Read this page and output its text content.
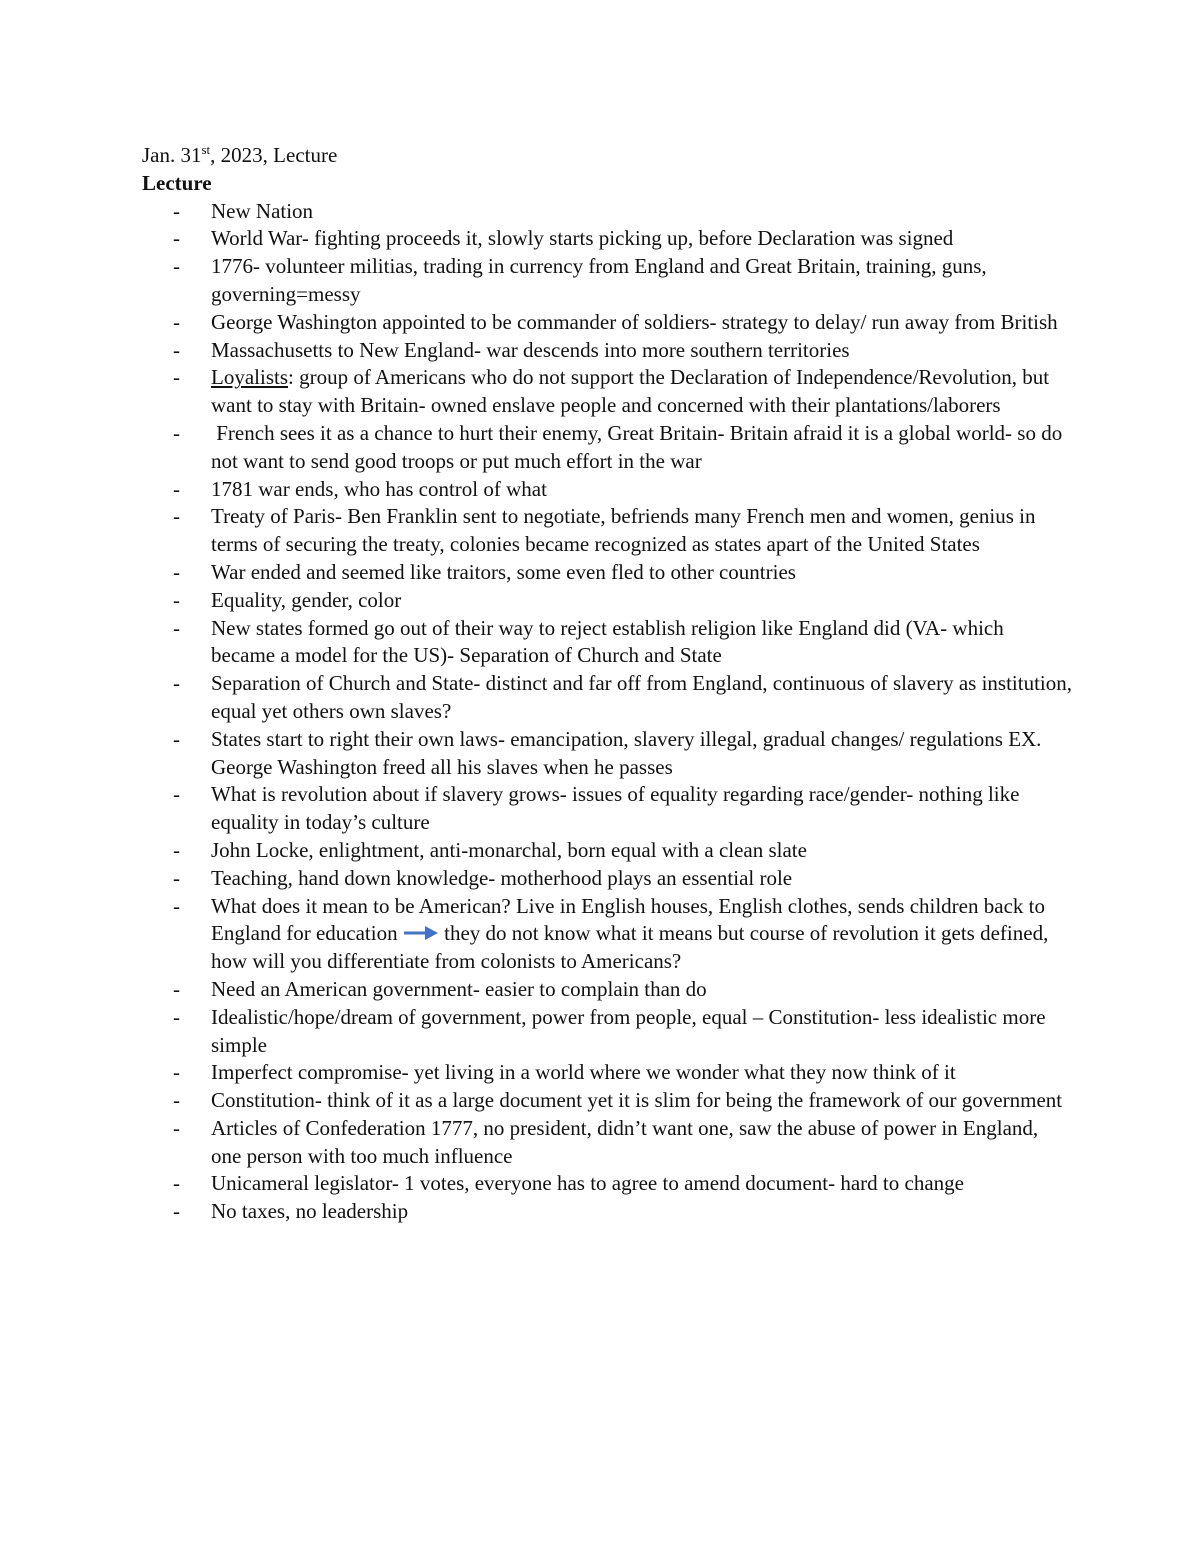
Jan. 31st, 2023, Lecture

Lecture

- New Nation
- World War- fighting proceeds it, slowly starts picking up, before Declaration was signed
- 1776- volunteer militias, trading in currency from England and Great Britain, training, guns, governing=messy
- George Washington appointed to be commander of soldiers- strategy to delay/ run away from British
- Massachusetts to New England- war descends into more southern territories
- Loyalists: group of Americans who do not support the Declaration of Independence/Revolution, but want to stay with Britain- owned enslave people and concerned with their plantations/laborers
- French sees it as a chance to hurt their enemy, Great Britain- Britain afraid it is a global world- so do not want to send good troops or put much effort in the war
- 1781 war ends, who has control of what
- Treaty of Paris- Ben Franklin sent to negotiate, befriends many French men and women, genius in terms of securing the treaty, colonies became recognized as states apart of the United States
- War ended and seemed like traitors, some even fled to other countries
- Equality, gender, color
- New states formed go out of their way to reject establish religion like England did (VA- which became a model for the US)- Separation of Church and State
- Separation of Church and State- distinct and far off from England, continuous of slavery as institution, equal yet others own slaves?
- States start to right their own laws- emancipation, slavery illegal, gradual changes/ regulations EX. George Washington freed all his slaves when he passes
- What is revolution about if slavery grows- issues of equality regarding race/gender- nothing like equality in today’s culture
- John Locke, enlightment, anti-monarchal, born equal with a clean slate
- Teaching, hand down knowledge- motherhood plays an essential role
- What does it mean to be American? Live in English houses, English clothes, sends children back to England for education  they do not know what it means but course of revolution it gets defined, how will you differentiate from colonists to Americans?
- Need an American government- easier to complain than do
- Idealistic/hope/dream of government, power from people, equal – Constitution- less idealistic more simple
- Imperfect compromise- yet living in a world where we wonder what they now think of it
- Constitution- think of it as a large document yet it is slim for being the framework of our government
- Articles of Confederation 1777, no president, didn’t want one, saw the abuse of power in England, one person with too much influence
- Unicameral legislator- 1 votes, everyone has to agree to amend document- hard to change
- No taxes, no leadership
